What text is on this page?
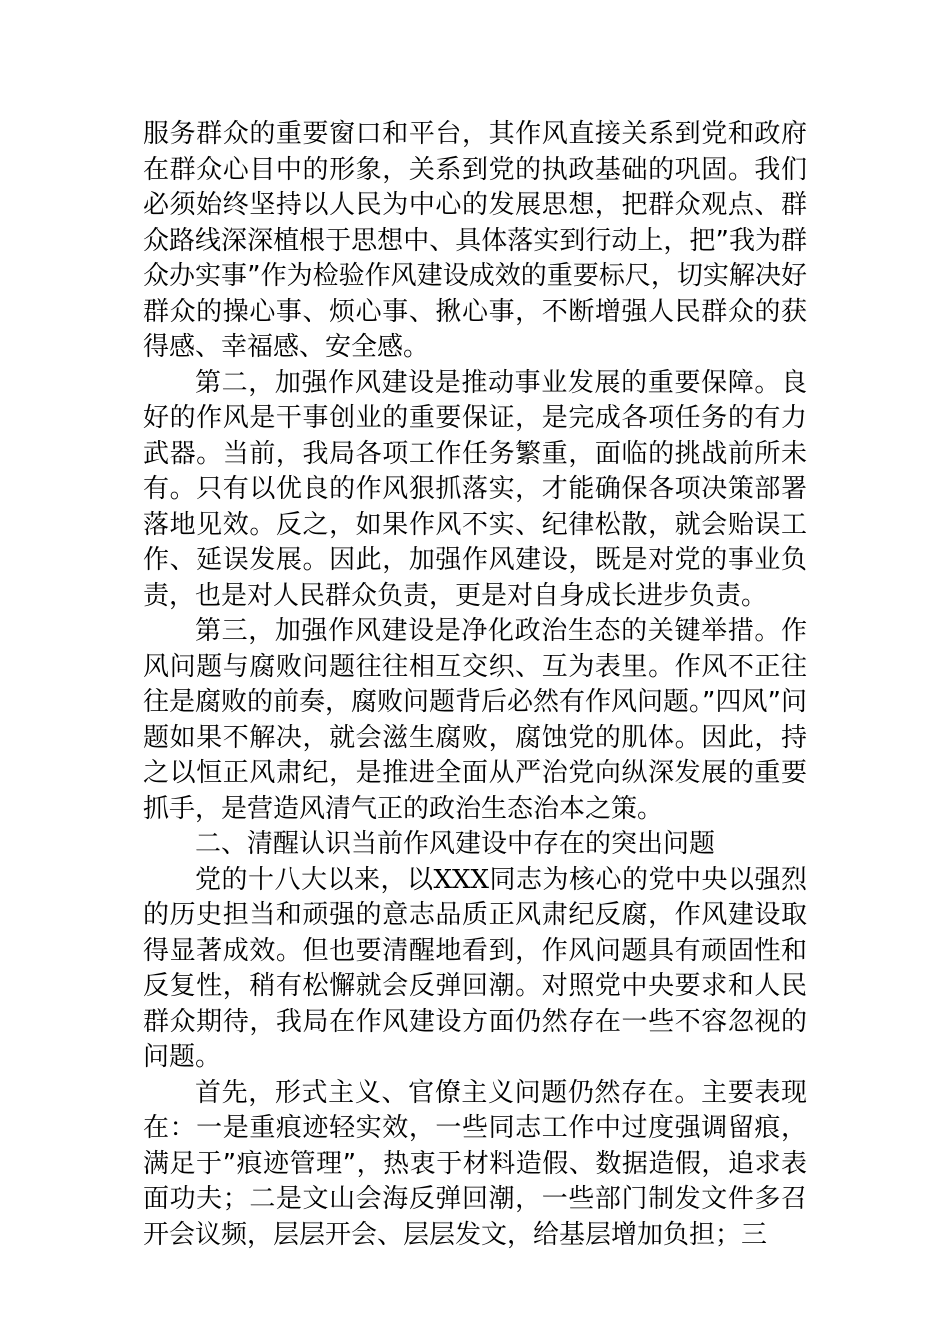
服务群众的重要窗口和平台，其作风直接关系到党和政府在群众心目中的形象，关系到党的执政基础的巩固。我们必须始终坚持以人民为中心的发展思想，把群众观点、群众路线深深植根于思想中、具体落实到行动上，把”我为群众办实事”作为检验作风建设成效的重要标尺，切实解决好群众的操心事、烦心事、揪心事，不断增强人民群众的获得感、幸福感、安全感。

第二，加强作风建设是推动事业发展的重要保障。良好的作风是干事创业的重要保证，是完成各项任务的有力武器。当前，我局各项工作任务繁重，面临的挑战前所未有。只有以优良的作风狠抓落实，才能确保各项决策部署落地见效。反之，如果作风不实、纪律松散，就会贻误工作、延误发展。因此，加强作风建设，既是对党的事业负责，也是对人民群众负责，更是对自身成长进步负责。

第三，加强作风建设是净化政治生态的关键举措。作风问题与腐败问题往往相互交织、互为表里。作风不正往往是腐败的前奏，腐败问题背后必然有作风问题。”四风”问题如果不解决，就会滋生腐败，腐蚀党的肌体。因此，持之以恒正风肃纪，是推进全面从严治党向纵深发展的重要抓手，是营造风清气正的政治生态治本之策。

二、清醒认识当前作风建设中存在的突出问题

党的十八大以来，以XXX同志为核心的党中央以强烈的历史担当和顽强的意志品质正风肃纪反腐，作风建设取得显著成效。但也要清醒地看到，作风问题具有顽固性和反复性，稍有松懈就会反弹回潮。对照党中央要求和人民群众期待，我局在作风建设方面仍然存在一些不容忽视的问题。

首先，形式主义、官僚主义问题仍然存在。主要表现在：一是重痕迹轻实效，一些同志工作中过度强调留痕，满足于”痕迹管理”，热衷于材料造假、数据造假，追求表面功夫；二是文山会海反弹回潮，一些部门制发文件多召开会议频，层层开会、层层发文，给基层增加负担；三
